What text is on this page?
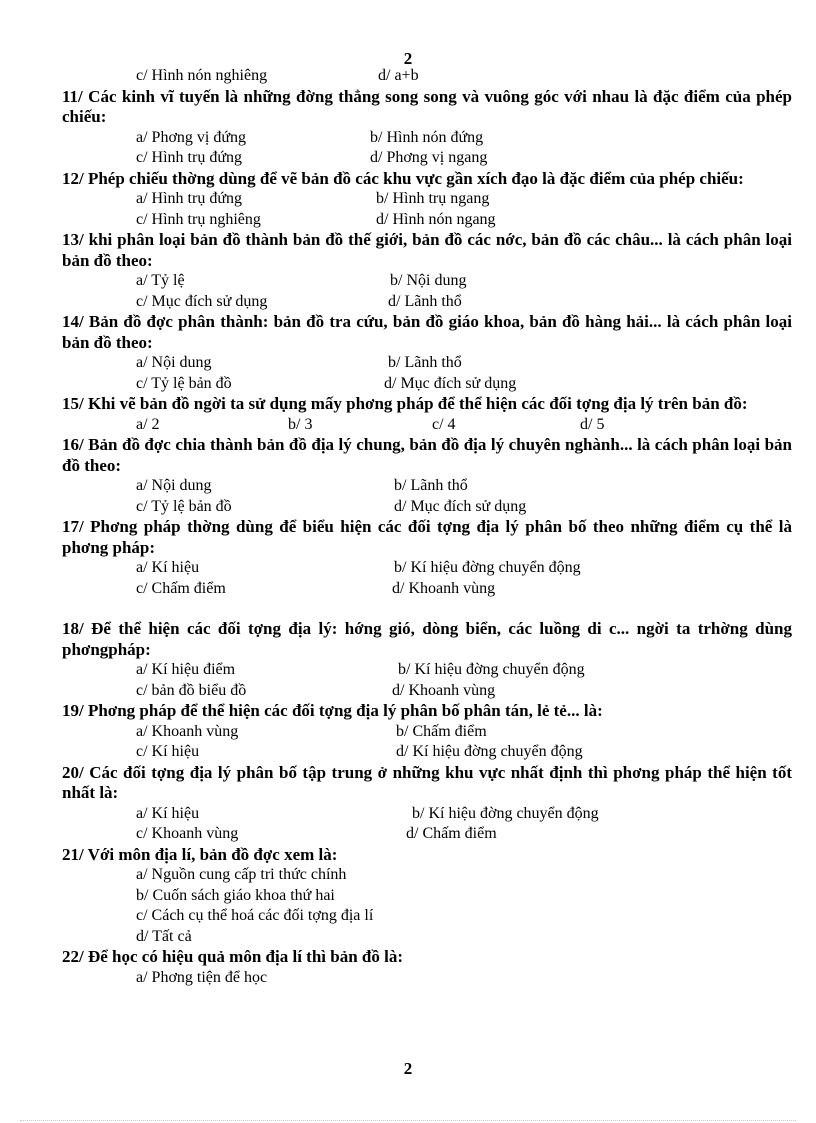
2
c/ Hình nón nghiêng	d/ a+b
11/ Các kinh vĩ tuyến là những đờng thẳng song song và vuông góc với nhau là đặc điểm của phép chiếu:
a/ Phơng vị đứng	b/ Hình nón đứng
c/ Hình trụ đứng	d/ Phơng vị ngang
12/ Phép chiếu thờng dùng để vẽ bản đồ các khu vực gần xích đạo là đặc điểm của phép chiếu:
a/ Hình trụ đứng	b/ Hình trụ ngang
c/ Hình trụ nghiêng	d/ Hình nón ngang
13/ khi phân loại bản đồ thành bản đồ thế giới, bản đồ các nớc, bản đồ các châu... là cách phân loại bản đồ theo:
a/ Tỷ lệ	b/ Nội dung
c/ Mục đích sử dụng	d/ Lãnh thổ
14/ Bản đồ đợc phân thành: bản đồ tra cứu, bản đồ giáo khoa, bản đồ hàng hải... là cách phân loại bản đồ theo:
a/ Nội dung	b/ Lãnh thổ
c/ Tỷ lệ bản đồ	d/ Mục đích sử dụng
15/ Khi vẽ bản đồ ngời ta sử dụng mấy phơng pháp để thể hiện các đối tợng địa lý trên bản đồ:
a/ 2	b/ 3	c/ 4	d/ 5
16/ Bản đồ đợc chia thành bản đồ địa lý chung, bản đồ địa lý chuyên nghành... là cách phân loại bản đồ theo:
a/ Nội dung	b/ Lãnh thổ
c/ Tỷ lệ bản đồ	d/ Mục đích sử dụng
17/ Phơng pháp thờng dùng để biểu hiện các đối tợng địa lý phân bố theo những điểm cụ thể là phơng pháp:
a/ Kí hiệu	b/ Kí hiệu đờng chuyển động
c/ Chấm điểm	d/ Khoanh vùng
18/ Để thể hiện các đối tợng địa lý: hớng gió, dòng biển, các luồng di c... ngời ta trhờng dùng phơngpháp:
a/ Kí hiệu điểm	b/ Kí hiệu đờng chuyển động
c/ bản đồ biểu đồ	d/ Khoanh vùng
19/ Phơng pháp để thể hiện các đối tợng địa lý phân bố phân tán, lẻ tẻ... là:
a/ Khoanh vùng	b/ Chấm điểm
c/ Kí hiệu	d/ Kí hiệu đờng chuyển động
20/ Các đối tợng địa lý phân bố tập trung ở những khu vực nhất định thì phơng pháp thể hiện tốt nhất là:
a/ Kí hiệu	b/ Kí hiệu đờng chuyển động
c/ Khoanh vùng	d/ Chấm điểm
21/ Với môn địa lí, bản đồ đợc xem là:
a/ Nguồn cung cấp tri thức chính
b/ Cuốn sách giáo khoa thứ hai
c/ Cách cụ thể hoá các đối tợng địa lí
d/ Tất cả
22/ Để học có hiệu quả môn địa lí thì bản đồ là:
a/ Phơng tiện để học
2
